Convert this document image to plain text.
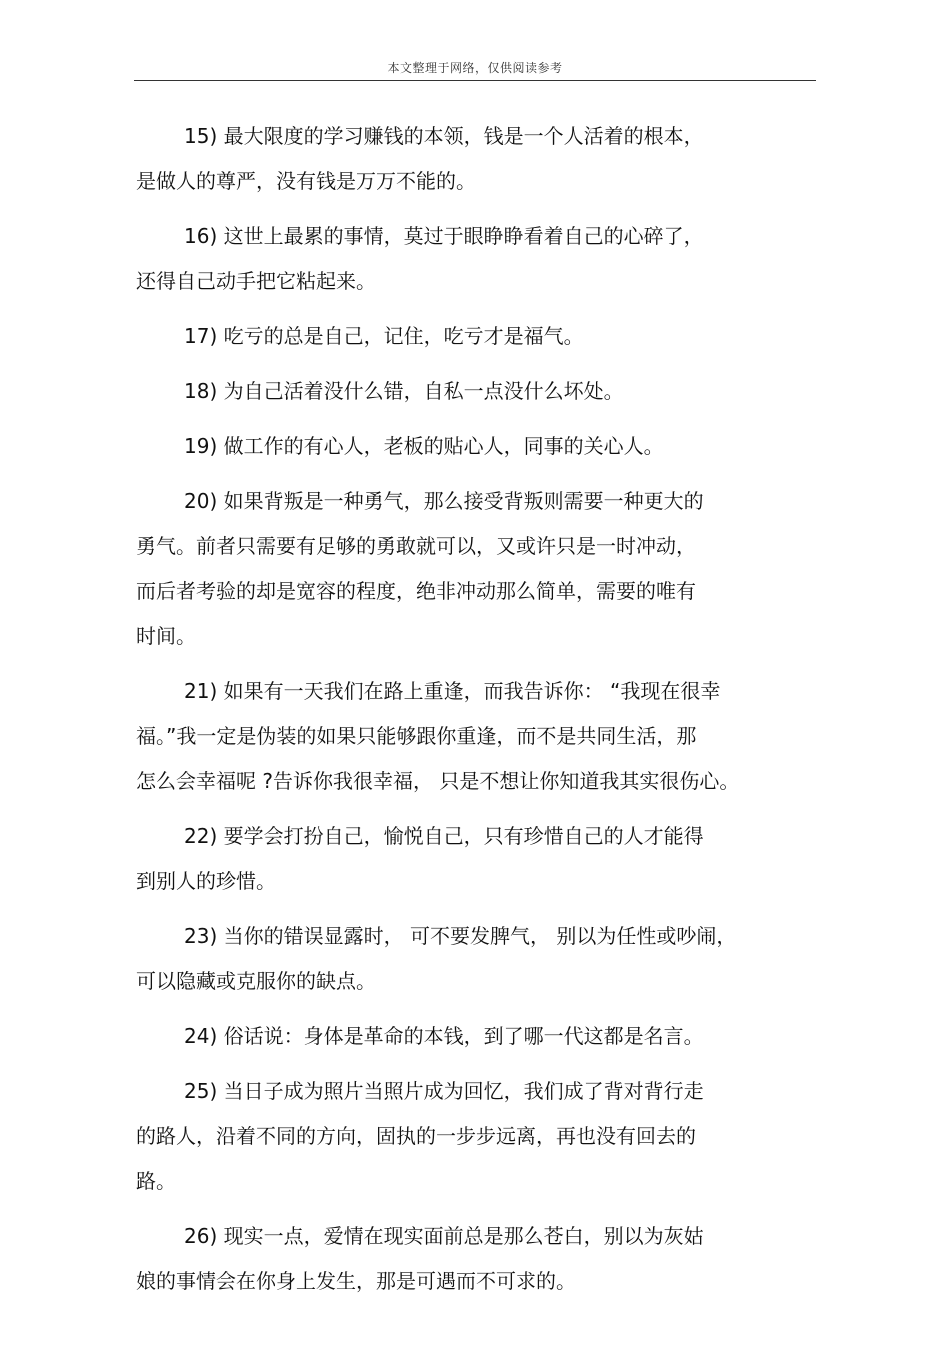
本文整理于网络，仅供阅读参考

15) 最大限度的学习赚钱的本领，钱是一个人活着的根本，
是做人的尊严，没有钱是万万不能的。

16) 这世上最累的事情，莫过于眼睁睁看着自己的心碎了，
还得自己动手把它粘起来。

17) 吃亏的总是自己，记住，吃亏才是福气。

18) 为自己活着没什么错，自私一点没什么坏处。

19) 做工作的有心人，老板的贴心人，同事的关心人。

20) 如果背叛是一种勇气，那么接受背叛则需要一种更大的
勇气。前者只需要有足够的勇敢就可以，又或许只是一时冲动，
而后者考验的却是宽容的程度，绝非冲动那么简单，需要的唯有
时间。

21) 如果有一天我们在路上重逢，而我告诉你： “我现在很幸
福。”我一定是伪装的如果只能够跟你重逢，而不是共同生活，那
怎么会幸福呢 ?告诉你我很幸福， 只是不想让你知道我其实很伤心。

22) 要学会打扮自己，愉悦自己，只有珍惜自己的人才能得
到别人的珍惜。

23) 当你的错误显露时， 可不要发脾气， 别以为任性或吵闹，
可以隐藏或克服你的缺点。

24) 俗话说：身体是革命的本钱，到了哪一代这都是名言。

25) 当日子成为照片当照片成为回忆，我们成了背对背行走
的路人，沿着不同的方向，固执的一步步远离，再也没有回去的
路。

26) 现实一点，爱情在现实面前总是那么苍白，别以为灰姑
娘的事情会在你身上发生，那是可遇而不可求的。
